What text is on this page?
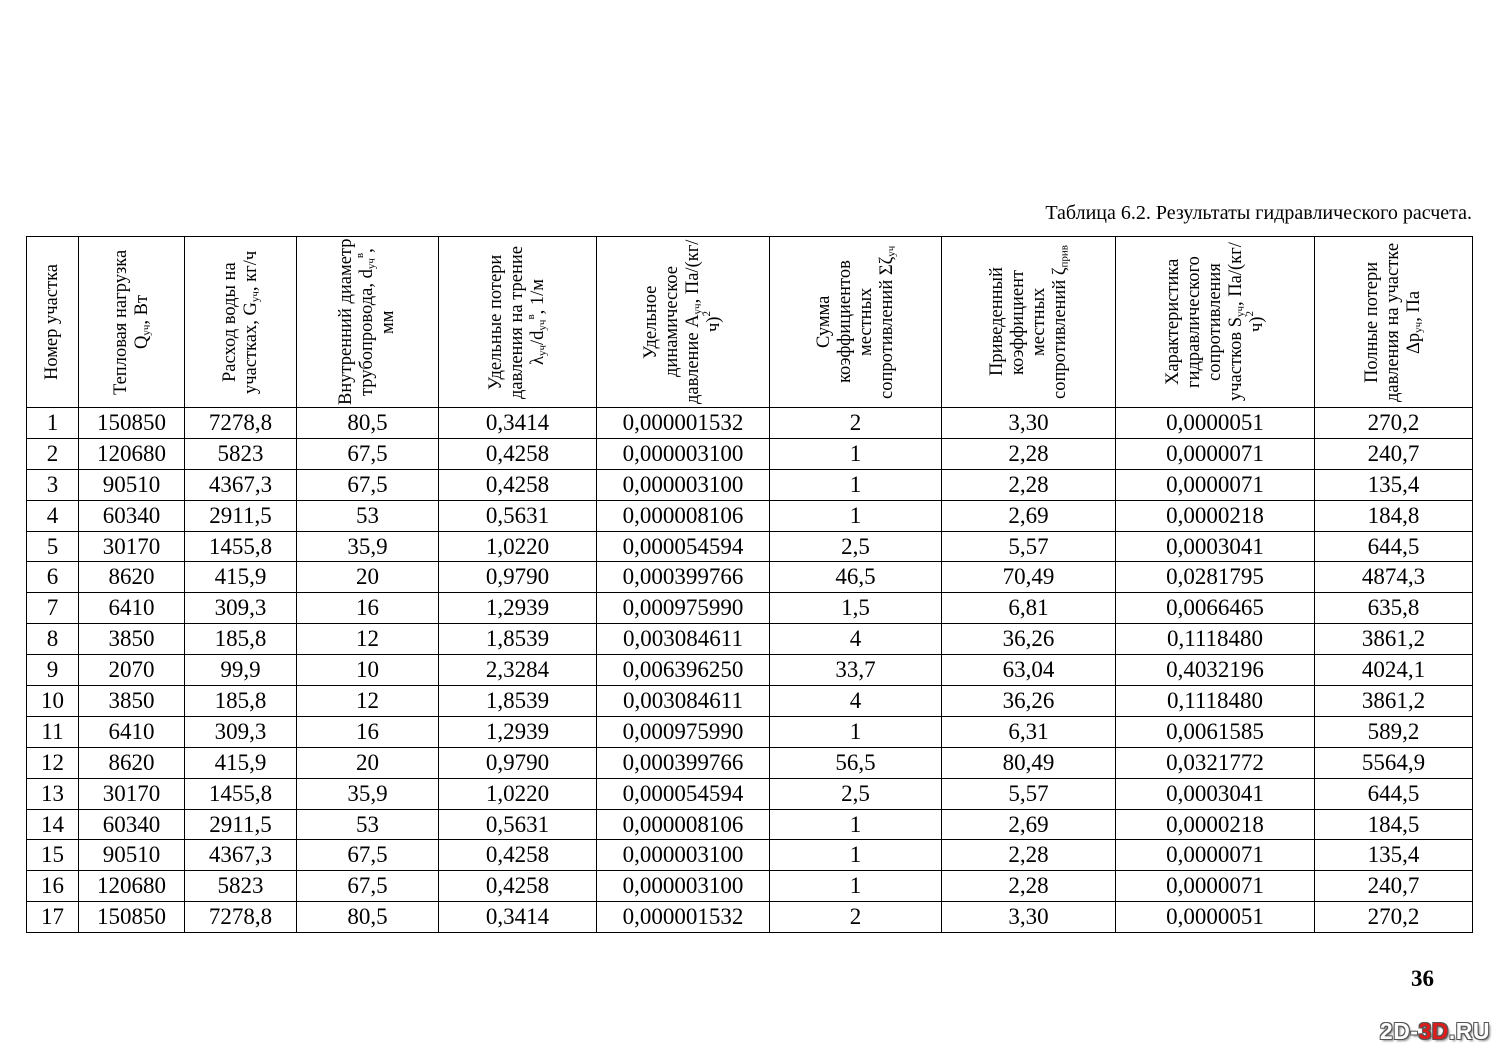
Таблица 6.2. Результаты гидравлического расчета.
Номер участка	Тепловая нагрузка $Q_{уч}$, Вт	Расход воды на участках, $G_{уч}$, кг/ч	Внутренний диаметр трубопровода, $d_{уч}^в$, мм	Удельные потери давления на трение $\lambda_{уч}/d_{уч}^в$, 1/м	Удельное динамическое давление $A_{уч}$, $Па/(кг/ч)^2$	Сумма коэффициентов местных сопротивлений $\Sigma\zeta_{уч}$	Приведенный коэффициент местных сопротивлений $\zeta_{прив}$	Характеристика гидравлического сопротивления участков $S_{уч}$, $Па/(кг/ч)^2$	Полные потери давления на участке $\Delta p_{уч}$, Па

1	150850	7278,8	80,5	0,3414	0,000001532	2	3,30	0,0000051	270,2
2	120680	5823	67,5	0,4258	0,000003100	1	2,28	0,0000071	240,7
3	90510	4367,3	67,5	0,4258	0,000003100	1	2,28	0,0000071	135,4
4	60340	2911,5	53	0,5631	0,000008106	1	2,69	0,0000218	184,8
5	30170	1455,8	35,9	1,0220	0,000054594	2,5	5,57	0,0003041	644,5
6	8620	415,9	20	0,9790	0,000399766	46,5	70,49	0,0281795	4874,3
7	6410	309,3	16	1,2939	0,000975990	1,5	6,81	0,0066465	635,8
8	3850	185,8	12	1,8539	0,003084611	4	36,26	0,1118480	3861,2
9	2070	99,9	10	2,3284	0,006396250	33,7	63,04	0,4032196	4024,1
10	3850	185,8	12	1,8539	0,003084611	4	36,26	0,1118480	3861,2
11	6410	309,3	16	1,2939	0,000975990	1	6,31	0,0061585	589,2
12	8620	415,9	20	0,9790	0,000399766	56,5	80,49	0,0321772	5564,9
13	30170	1455,8	35,9	1,0220	0,000054594	2,5	5,57	0,0003041	644,5
14	60340	2911,5	53	0,5631	0,000008106	1	2,69	0,0000218	184,5
15	90510	4367,3	67,5	0,4258	0,000003100	1	2,28	0,0000071	135,4
16	120680	5823	67,5	0,4258	0,000003100	1	2,28	0,0000071	240,7
17	150850	7278,8	80,5	0,3414	0,000001532	2	3,30	0,0000051	270,2
36
2D-3D.RU
